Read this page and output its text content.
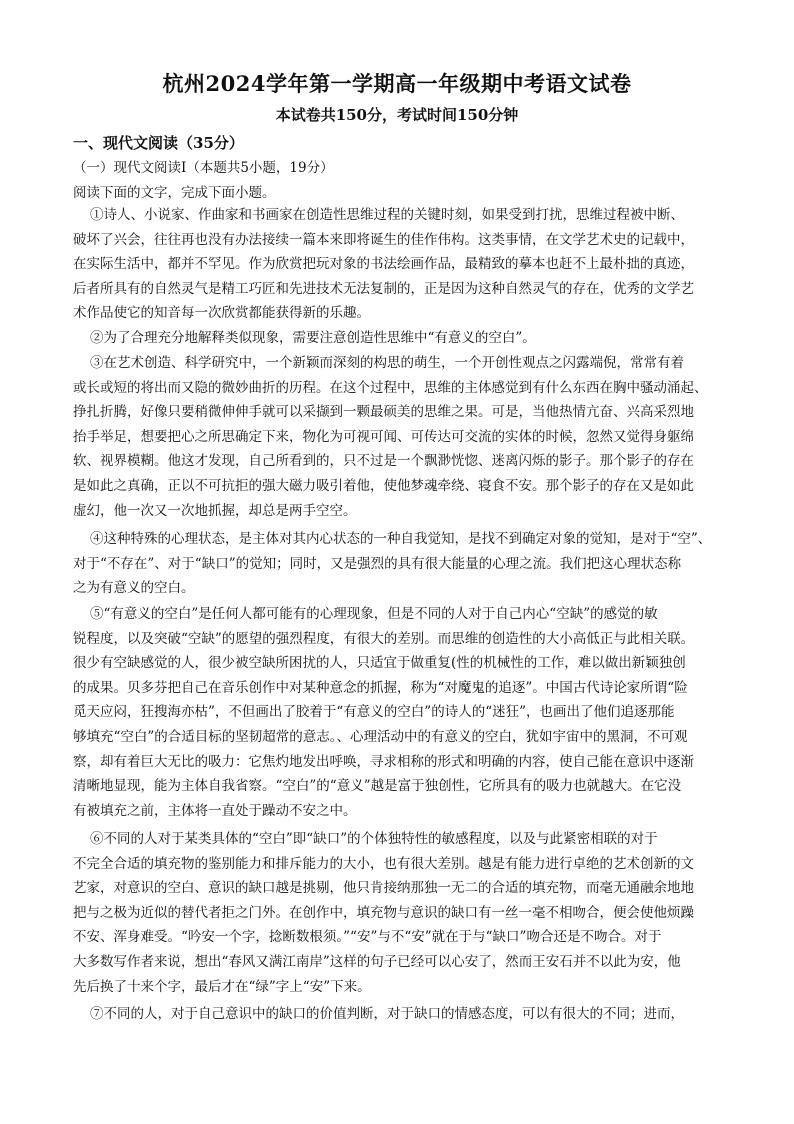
杭州2024学年第一学期高一年级期中考语文试卷
本试卷共150分，考试时间150分钟
一、现代文阅读（35分）
（一）现代文阅读Ⅰ（本题共5小题，19分）
阅读下面的文字，完成下面小题。
①诗人、小说家、作曲家和书画家在创造性思维过程的关键时刻，如果受到打扰，思维过程被中断、
破坏了兴会，往往再也没有办法接续一篇本来即将诞生的佳作伟构。这类事情，在文学艺术史的记载中，
在实际生活中，都并不罕见。作为欣赏把玩对象的书法绘画作品，最精致的摹本也赶不上最朴拙的真迹，
后者所具有的自然灵气是精工巧匠和先进技术无法复制的，正是因为这种自然灵气的存在，优秀的文学艺
术作品使它的知音每一次欣赏都能获得新的乐趣。
②为了合理充分地解释类似现象，需要注意创造性思维中“有意义的空白”。
③在艺术创造、科学研究中，一个新颖而深刻的构思的萌生，一个开创性观点之闪露端倪，常常有着
或长或短的将出而又隐的微妙曲折的历程。在这个过程中，思维的主体感觉到有什么东西在胸中骚动涌起、
挣扎折腾，好像只要稍微伸伸手就可以采撷到一颗最硕美的思维之果。可是，当他热情亢奋、兴高采烈地
抬手举足，想要把心之所思确定下来，物化为可视可闻、可传达可交流的实体的时候，忽然又觉得身躯绵
软、视界模糊。他这才发现，自己所看到的，只不过是一个飘渺恍惚、迷离闪烁的影子。那个影子的存在
是如此之真确，正以不可抗拒的强大磁力吸引着他，使他梦魂牵绕、寝食不安。那个影子的存在又是如此
虚幻，他一次又一次地抓握，却总是两手空空。
④这种特殊的心理状态，是主体对其内心状态的一种自我觉知，是找不到确定对象的觉知，是对于“空”、
对于“不存在”、对于“缺口”的觉知；同时，又是强烈的具有很大能量的心理之流。我们把这心理状态称
之为有意义的空白。
⑤“有意义的空白”是任何人都可能有的心理现象，但是不同的人对于自己内心“空缺”的感觉的敏
锐程度，以及突破“空缺”的愿望的强烈程度，有很大的差别。而思维的创造性的大小高低正与此相关联。
很少有空缺感觉的人，很少被空缺所困扰的人，只适宜于做重复(性的机械性的工作，难以做出新颖独创
的成果。贝多芬把自己在音乐创作中对某种意念的抓握，称为“对魔鬼的追逐”。中国古代诗论家所谓“险
觅天应闷，狂搜海亦枯”，不但画出了胶着于“有意义的空白”的诗人的“迷狂”，也画出了他们追逐那能
够填充“空白”的合适目标的坚韧超常的意志。、心理活动中的有意义的空白，犹如宇宙中的黑洞，不可观
察，却有着巨大无比的吸力：它焦灼地发出呼唤，寻求相称的形式和明确的内容，使自己能在意识中逐渐
清晰地显现，能为主体自我省察。“空白”的“意义”越是富于独创性，它所具有的吸力也就越大。在它没
有被填充之前，主体将一直处于躁动不安之中。
⑥不同的人对于某类具体的“空白”即“缺口”的个体独特性的敏感程度，以及与此紧密相联的对于
不完全合适的填充物的鉴别能力和排斥能力的大小，也有很大差别。越是有能力进行卓绝的艺术创新的文
艺家，对意识的空白、意识的缺口越是挑剔，他只肯接纳那独一无二的合适的填充物，而毫无通融余地地
把与之极为近似的替代者拒之门外。在创作中，填充物与意识的缺口有一丝一毫不相吻合，便会使他烦躁
不安、浑身难受。“吟安一个字，捻断数根须。”“安”与不“安”就在于与“缺口”吻合还是不吻合。对于
大多数写作者来说，想出“春风又满江南岸”这样的句子已经可以心安了，然而王安石并不以此为安，他
先后换了十来个字，最后才在“绿”字上“安”下来。
⑦不同的人，对于自己意识中的缺口的价值判断，对于缺口的情感态度，可以有很大的不同；进而，
